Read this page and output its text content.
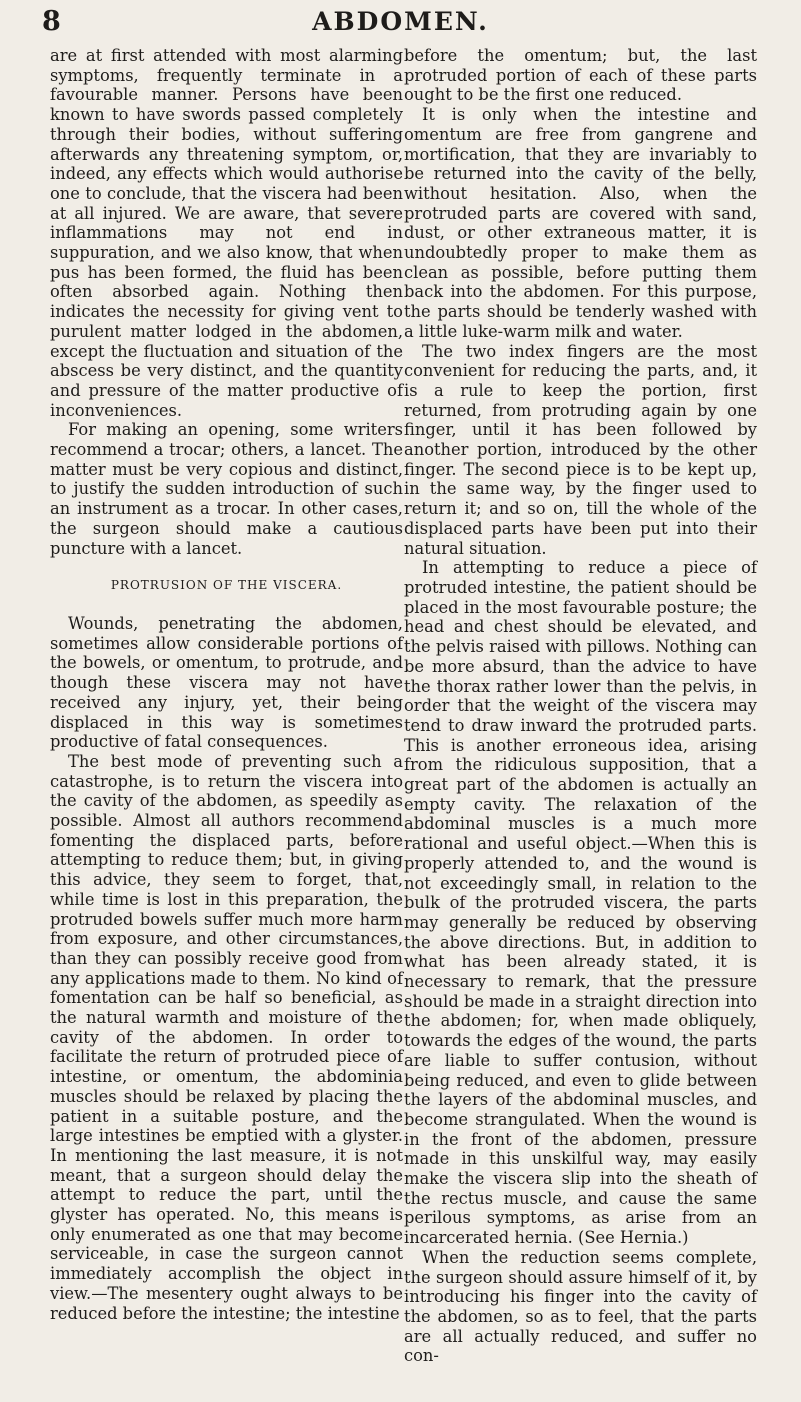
8	ABDOMEN.

are at first attended with most alarming symptoms, frequently terminate in a favourable manner. Persons have been known to have swords passed completely through their bodies, without suffering afterwards any threatening symptom, or, indeed, any effects which would authorise one to conclude, that the viscera had been at all injured. We are aware, that severe inflammations may not end in suppuration, and we also know, that when pus has been formed, the fluid has been often absorbed again. Nothing then indicates the necessity for giving vent to purulent matter lodged in the abdomen, except the fluctuation and situation of the abscess be very distinct, and the quantity and pressure of the matter productive of inconveniences.

For making an opening, some writers recommend a trocar; others, a lancet. The matter must be very copious and distinct, to justify the sudden introduction of such an instrument as a trocar. In other cases, the surgeon should make a cautious puncture with a lancet.

PROTRUSION OF THE VISCERA.

Wounds, penetrating the abdomen, sometimes allow considerable portions of the bowels, or omentum, to protrude, and though these viscera may not have received any injury, yet, their being displaced in this way is sometimes productive of fatal consequences.

The best mode of preventing such a catastrophe, is to return the viscera into the cavity of the abdomen, as speedily as possible. Almost all authors recommend fomenting the displaced parts, before attempting to reduce them; but, in giving this advice, they seem to forget, that, while time is lost in this preparation, the protruded bowels suffer much more harm from exposure, and other circumstances, than they can possibly receive good from any applications made to them. No kind of fomentation can be half so beneficial, as the natural warmth and moisture of the cavity of the abdomen. In order to facilitate the return of protruded piece of intestine, or omentum, the abdominia muscles should be relaxed by placing the patient in a suitable posture, and the large intestines be emptied with a glyster. In mentioning the last measure, it is not meant, that a surgeon should delay the attempt to reduce the part, until the glyster has operated. No, this means is only enumerated as one that may become serviceable, in case the surgeon cannot immediately accomplish the object in view.—The mesentery ought always to be reduced before the intestine; the intestine

before the omentum; but, the last protruded portion of each of these parts ought to be the first one reduced.

It is only when the intestine and omentum are free from gangrene and mortification, that they are invariably to be returned into the cavity of the belly, without hesitation. Also, when the protruded parts are covered with sand, dust, or other extraneous matter, it is undoubtedly proper to make them as clean as possible, before putting them back into the abdomen. For this purpose, the parts should be tenderly washed with a little luke-warm milk and water.

The two index fingers are the most convenient for reducing the parts, and, it is a rule to keep the portion, first returned, from protruding again by one finger, until it has been followed by another portion, introduced by the other finger. The second piece is to be kept up, in the same way, by the finger used to return it; and so on, till the whole of the displaced parts have been put into their natural situation.

In attempting to reduce a piece of protruded intestine, the patient should be placed in the most favourable posture; the head and chest should be elevated, and the pelvis raised with pillows. Nothing can be more absurd, than the advice to have the thorax rather lower than the pelvis, in order that the weight of the viscera may tend to draw inward the protruded parts. This is another erroneous idea, arising from the ridiculous supposition, that a great part of the abdomen is actually an empty cavity. The relaxation of the abdominal muscles is a much more rational and useful object.—When this is properly attended to, and the wound is not exceedingly small, in relation to the bulk of the protruded viscera, the parts may generally be reduced by observing the above directions. But, in addition to what has been already stated, it is necessary to remark, that the pressure should be made in a straight direction into the abdomen; for, when made obliquely, towards the edges of the wound, the parts are liable to suffer contusion, without being reduced, and even to glide between the layers of the abdominal muscles, and become strangulated. When the wound is in the front of the abdomen, pressure made in this unskilful way, may easily make the viscera slip into the sheath of the rectus muscle, and cause the same perilous symptoms, as arise from an incarcerated hernia. (See Hernia.)

When the reduction seems complete, the surgeon should assure himself of it, by introducing his finger into the cavity of the abdomen, so as to feel, that the parts are all actually reduced, and suffer no con-
